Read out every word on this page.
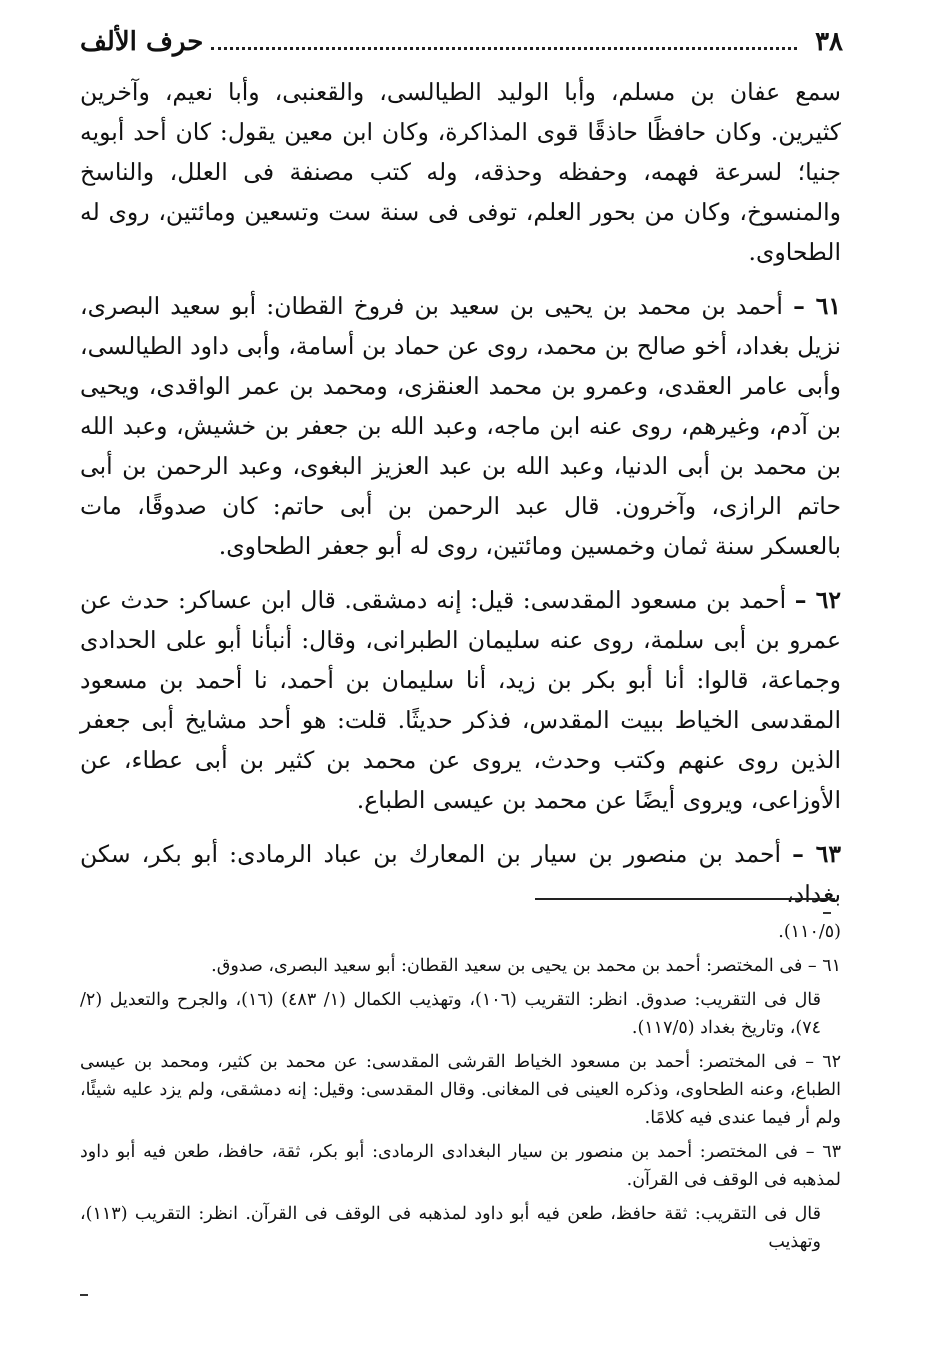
٣٨
حرف الألف

سمع عفان بن مسلم، وأبا الوليد الطيالسى، والقعنبى، وأبا نعيم، وآخرين كثيرين. وكان حافظًا حاذقًا قوى المذاكرة، وكان ابن معين يقول: كان أحد أبويه جنيا؛ لسرعة فهمه، وحفظه وحذقه، وله كتب مصنفة فى العلل، والناسخ والمنسوخ، وكان من بحور العلم، توفى فى سنة ست وتسعين ومائتين، روى له الطحاوى.

٦١ – أحمد بن محمد بن يحيى بن سعيد بن فروخ القطان: أبو سعيد البصرى، نزيل بغداد، أخو صالح بن محمد، روى عن حماد بن أسامة، وأبى داود الطيالسى، وأبى عامر العقدى، وعمرو بن محمد العنقزى، ومحمد بن عمر الواقدى، ويحيى بن آدم، وغيرهم، روى عنه ابن ماجه، وعبد الله بن جعفر بن خشيش، وعبد الله بن محمد بن أبى الدنيا، وعبد الله بن عبد العزيز البغوى، وعبد الرحمن بن أبى حاتم الرازى، وآخرون. قال عبد الرحمن بن أبى حاتم: كان صدوقًا، مات بالعسكر سنة ثمان وخمسين ومائتين، روى له أبو جعفر الطحاوى.

٦٢ – أحمد بن مسعود المقدسى: قيل: إنه دمشقى. قال ابن عساكر: حدث عن عمرو بن أبى سلمة، روى عنه سليمان الطبرانى، وقال: أنبأنا أبو على الحدادى وجماعة، قالوا: أنا أبو بكر بن زيد، أنا سليمان بن أحمد، نا أحمد بن مسعود المقدسى الخياط ببيت المقدس، فذكر حديثًا. قلت: هو أحد مشايخ أبى جعفر الذين روى عنهم وكتب وحدث، يروى عن محمد بن كثير بن أبى عطاء، عن الأوزاعى، ويروى أيضًا عن محمد بن عيسى الطباع.

٦٣ – أحمد بن منصور بن سيار بن المعارك بن عباد الرمادى: أبو بكر، سكن بغداد،

(١١٠/٥).

٦١ – فى المختصر: أحمد بن محمد بن يحيى بن سعيد القطان: أبو سعيد البصرى، صدوق.

قال فى التقريب: صدوق. انظر: التقريب (١٠٦)، وتهذيب الكمال (١/ ٤٨٣) (١٦)، والجرح والتعديل (٢/ ٧٤)، وتاريخ بغداد (١١٧/٥).

٦٢ – فى المختصر: أحمد بن مسعود الخياط القرشى المقدسى: عن محمد بن كثير، ومحمد بن عيسى الطباع، وعنه الطحاوى، وذكره العينى فى المغانى. وقال المقدسى: وقيل: إنه دمشقى، ولم يزد عليه شيئًا، ولم أر فيما عندى فيه كلامًا.

٦٣ – فى المختصر: أحمد بن منصور بن سيار البغدادى الرمادى: أبو بكر، ثقة، حافظ، طعن فيه أبو داود لمذهبه فى الوقف فى القرآن.

قال فى التقريب: ثقة حافظ، طعن فيه أبو داود لمذهبه فى الوقف فى القرآن. انظر: التقريب (١١٣)، وتهذيب
